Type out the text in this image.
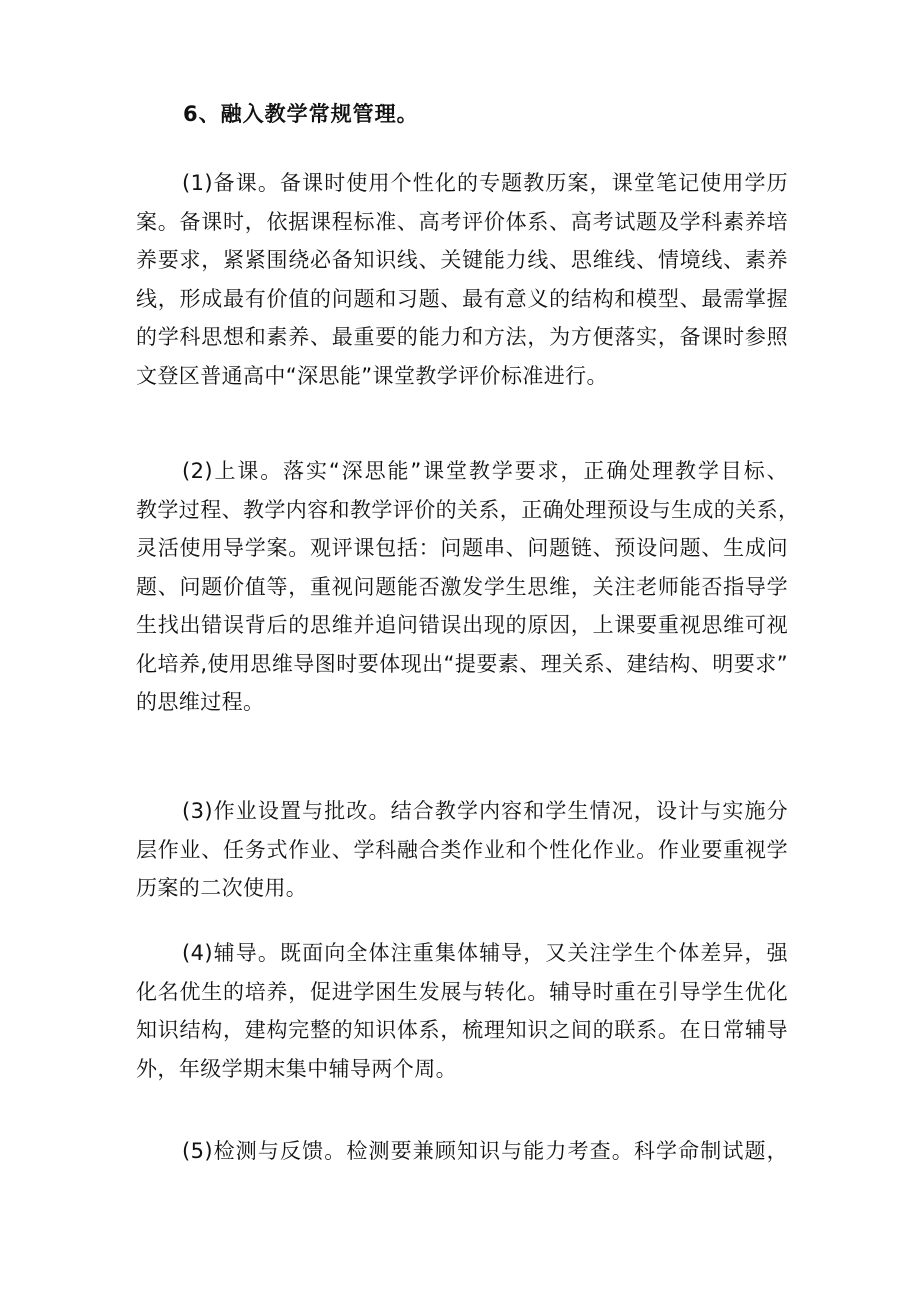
6、融入教学常规管理。
(1)备课。备课时使用个性化的专题教历案，课堂笔记使用学历
案。备课时，依据课程标准、高考评价体系、高考试题及学科素养培
养要求，紧紧围绕必备知识线、关键能力线、思维线、情境线、素养
线，形成最有价值的问题和习题、最有意义的结构和模型、最需掌握
的学科思想和素养、最重要的能力和方法，为方便落实，备课时参照
文登区普通高中“深思能”课堂教学评价标准进行。
(2)上课。落实“深思能”课堂教学要求，正确处理教学目标、
教学过程、教学内容和教学评价的关系，正确处理预设与生成的关系，
灵活使用导学案。观评课包括：问题串、问题链、预设问题、生成问
题、问题价值等，重视问题能否激发学生思维，关注老师能否指导学
生找出错误背后的思维并追问错误出现的原因，上课要重视思维可视
化培养,使用思维导图时要体现出“提要素、理关系、建结构、明要求”
的思维过程。
(3)作业设置与批改。结合教学内容和学生情况，设计与实施分
层作业、任务式作业、学科融合类作业和个性化作业。作业要重视学
历案的二次使用。
(4)辅导。既面向全体注重集体辅导，又关注学生个体差异，强
化名优生的培养，促进学困生发展与转化。辅导时重在引导学生优化
知识结构，建构完整的知识体系，梳理知识之间的联系。在日常辅导
外，年级学期末集中辅导两个周。
(5)检测与反馈。检测要兼顾知识与能力考查。科学命制试题，
